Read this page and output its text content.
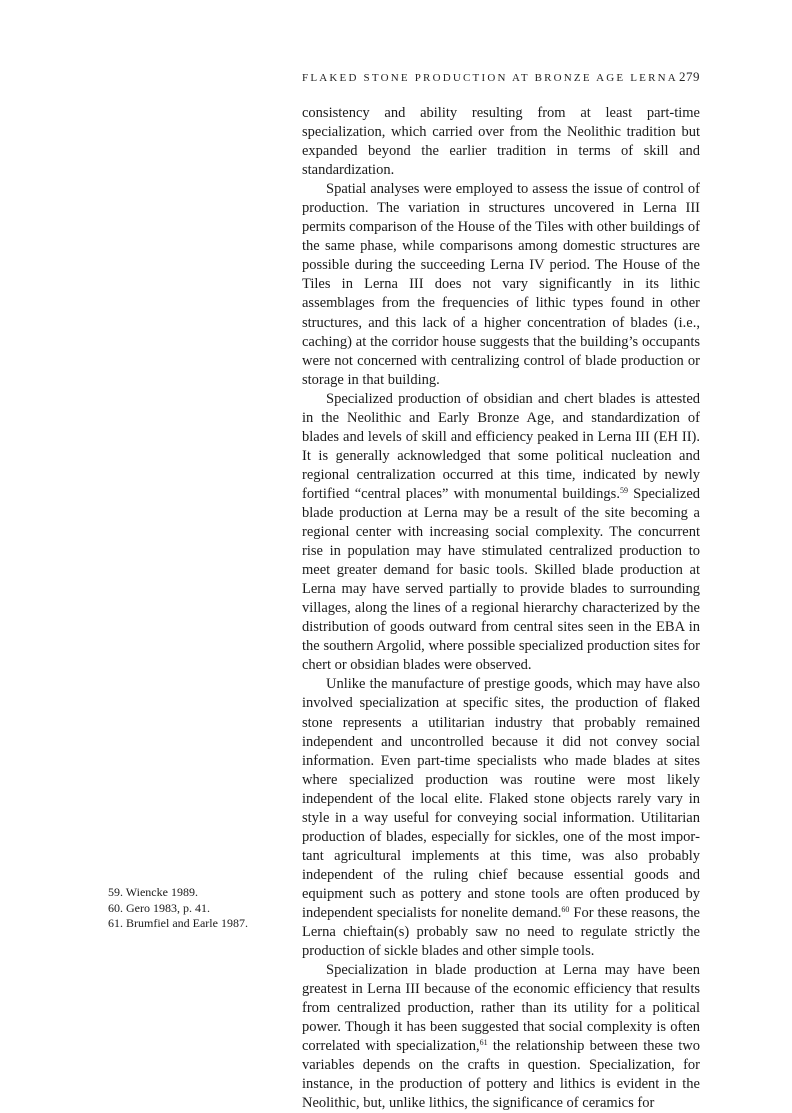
FLAKED STONE PRODUCTION AT BRONZE AGE LERNA 279

consistency and ability resulting from at least part-time specialization, which carried over from the Neolithic tradition but expanded beyond the earlier tradition in terms of skill and standardization.

Spatial analyses were employed to assess the issue of control of production. The variation in structures uncovered in Lerna III permits comparison of the House of the Tiles with other buildings of the same phase, while comparisons among domestic structures are possible during the succeeding Lerna IV period. The House of the Tiles in Lerna III does not vary significantly in its lithic assemblages from the frequencies of lithic types found in other structures, and this lack of a higher concentration of blades (i.e., caching) at the corridor house suggests that the building’s occupants were not concerned with centralizing control of blade production or storage in that building.

Specialized production of obsidian and chert blades is attested in the Neolithic and Early Bronze Age, and standardization of blades and levels of skill and efficiency peaked in Lerna III (EH II). It is generally acknowledged that some political nucleation and regional centralization occurred at this time, indicated by newly fortified “central places” with monumental buildings.$^{59}$ Specialized blade production at Lerna may be a result of the site becoming a regional center with increasing social complexity. The concurrent rise in population may have stimulated centralized production to meet greater demand for basic tools. Skilled blade production at Lerna may have served partially to provide blades to surrounding villages, along the lines of a regional hierarchy characterized by the distribution of goods outward from central sites seen in the EBA in the southern Argolid, where possible specialized production sites for chert or obsidian blades were observed.

Unlike the manufacture of prestige goods, which may have also involved specialization at specific sites, the production of flaked stone represents a utilitarian industry that probably remained independent and uncontrolled because it did not convey social information. Even part-time specialists who made blades at sites where specialized production was routine were most likely independent of the local elite. Flaked stone objects rarely vary in style in a way useful for conveying social information. Utilitarian production of blades, especially for sickles, one of the most important agricultural implements at this time, was also probably independent of the ruling chief because essential goods and equipment such as pottery and stone tools are often produced by independent specialists for nonelite demand.$^{60}$ For these reasons, the Lerna chieftain(s) probably saw no need to regulate strictly the production of sickle blades and other simple tools.

Specialization in blade production at Lerna may have been greatest in Lerna III because of the economic efficiency that results from centralized production, rather than its utility for a political power. Though it has been suggested that social complexity is often correlated with specialization,$^{61}$ the relationship between these two variables depends on the crafts in question. Specialization, for instance, in the production of pottery and lithics is evident in the Neolithic, but, unlike lithics, the significance of ceramics for

59. Wiencke 1989.
60. Gero 1983, p. 41.
61. Brumfiel and Earle 1987.
